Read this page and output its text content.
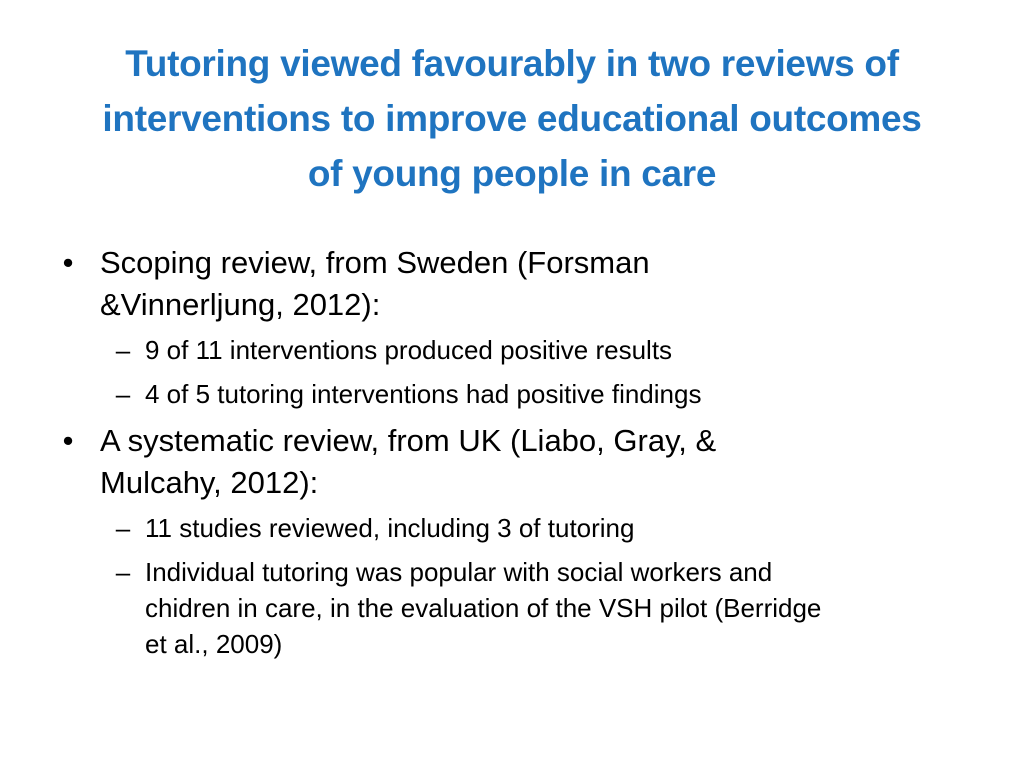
Tutoring viewed favourably in two reviews of
interventions to improve educational outcomes
of young people in care
• Scoping review, from Sweden (Forsman
&Vinnerljung, 2012):
– 9 of 11 interventions produced positive results
– 4 of 5 tutoring interventions had positive findings
• A systematic review, from UK (Liabo, Gray, &
Mulcahy, 2012):
– 11 studies reviewed, including 3 of tutoring
– Individual tutoring was popular with social workers and
chidren in care, in the evaluation of the VSH pilot (Berridge
et al., 2009)
